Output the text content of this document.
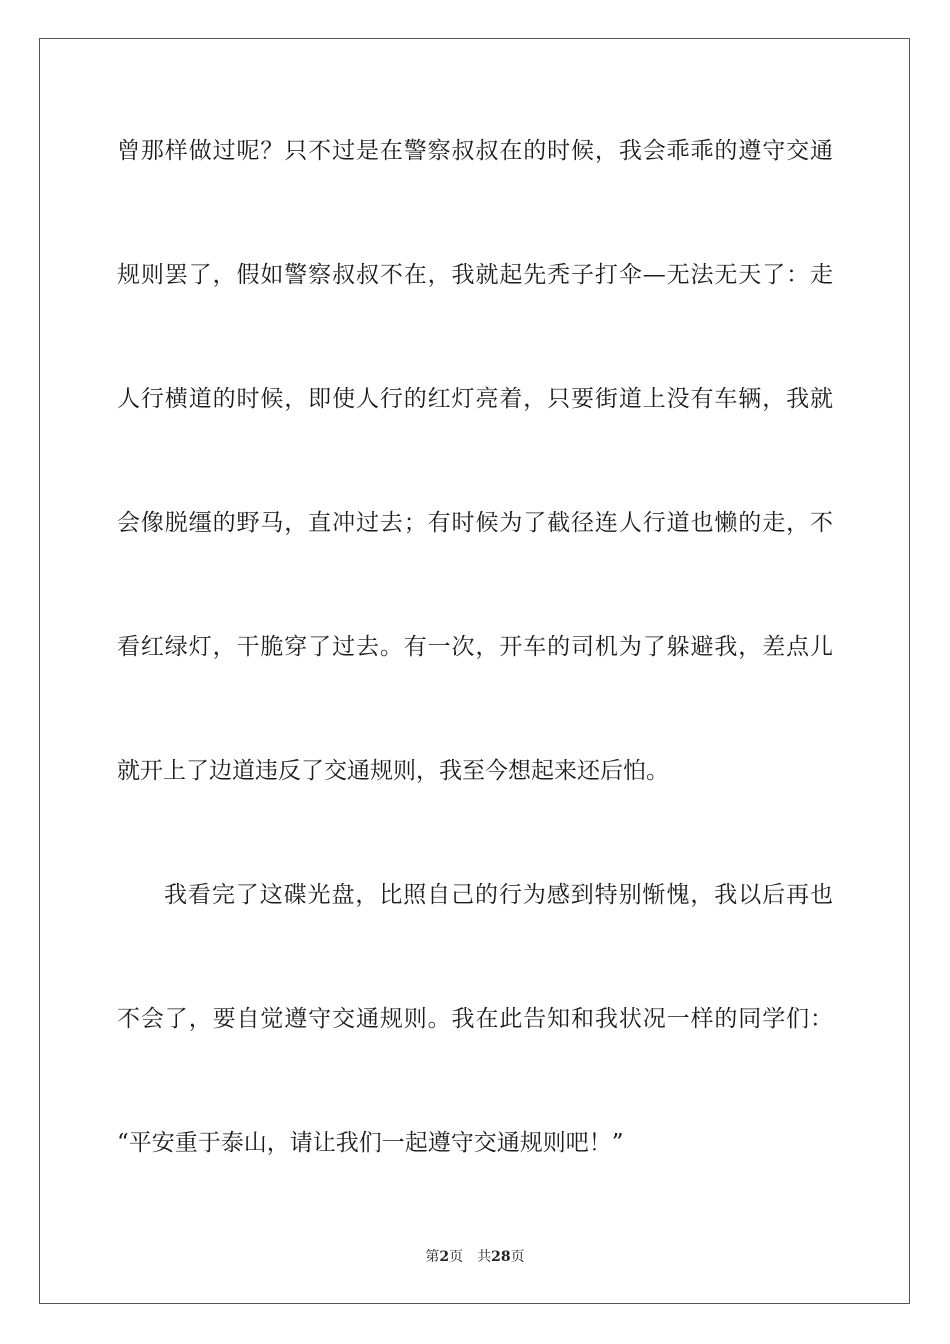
曾那样做过呢？只不过是在警察叔叔在的时候，我会乖乖的遵守交通
规则罢了，假如警察叔叔不在，我就起先秃子打伞—无法无天了：走
人行横道的时候，即使人行的红灯亮着，只要街道上没有车辆，我就
会像脱缰的野马，直冲过去；有时候为了截径连人行道也懒的走，不
看红绿灯，干脆穿了过去。有一次，开车的司机为了躲避我，差点儿
就开上了边道违反了交通规则，我至今想起来还后怕。
我看完了这碟光盘，比照自己的行为感到特别惭愧，我以后再也
不会了，要自觉遵守交通规则。我在此告知和我状况一样的同学们：
“平安重于泰山，请让我们一起遵守交通规则吧！”
第2页 共28页
